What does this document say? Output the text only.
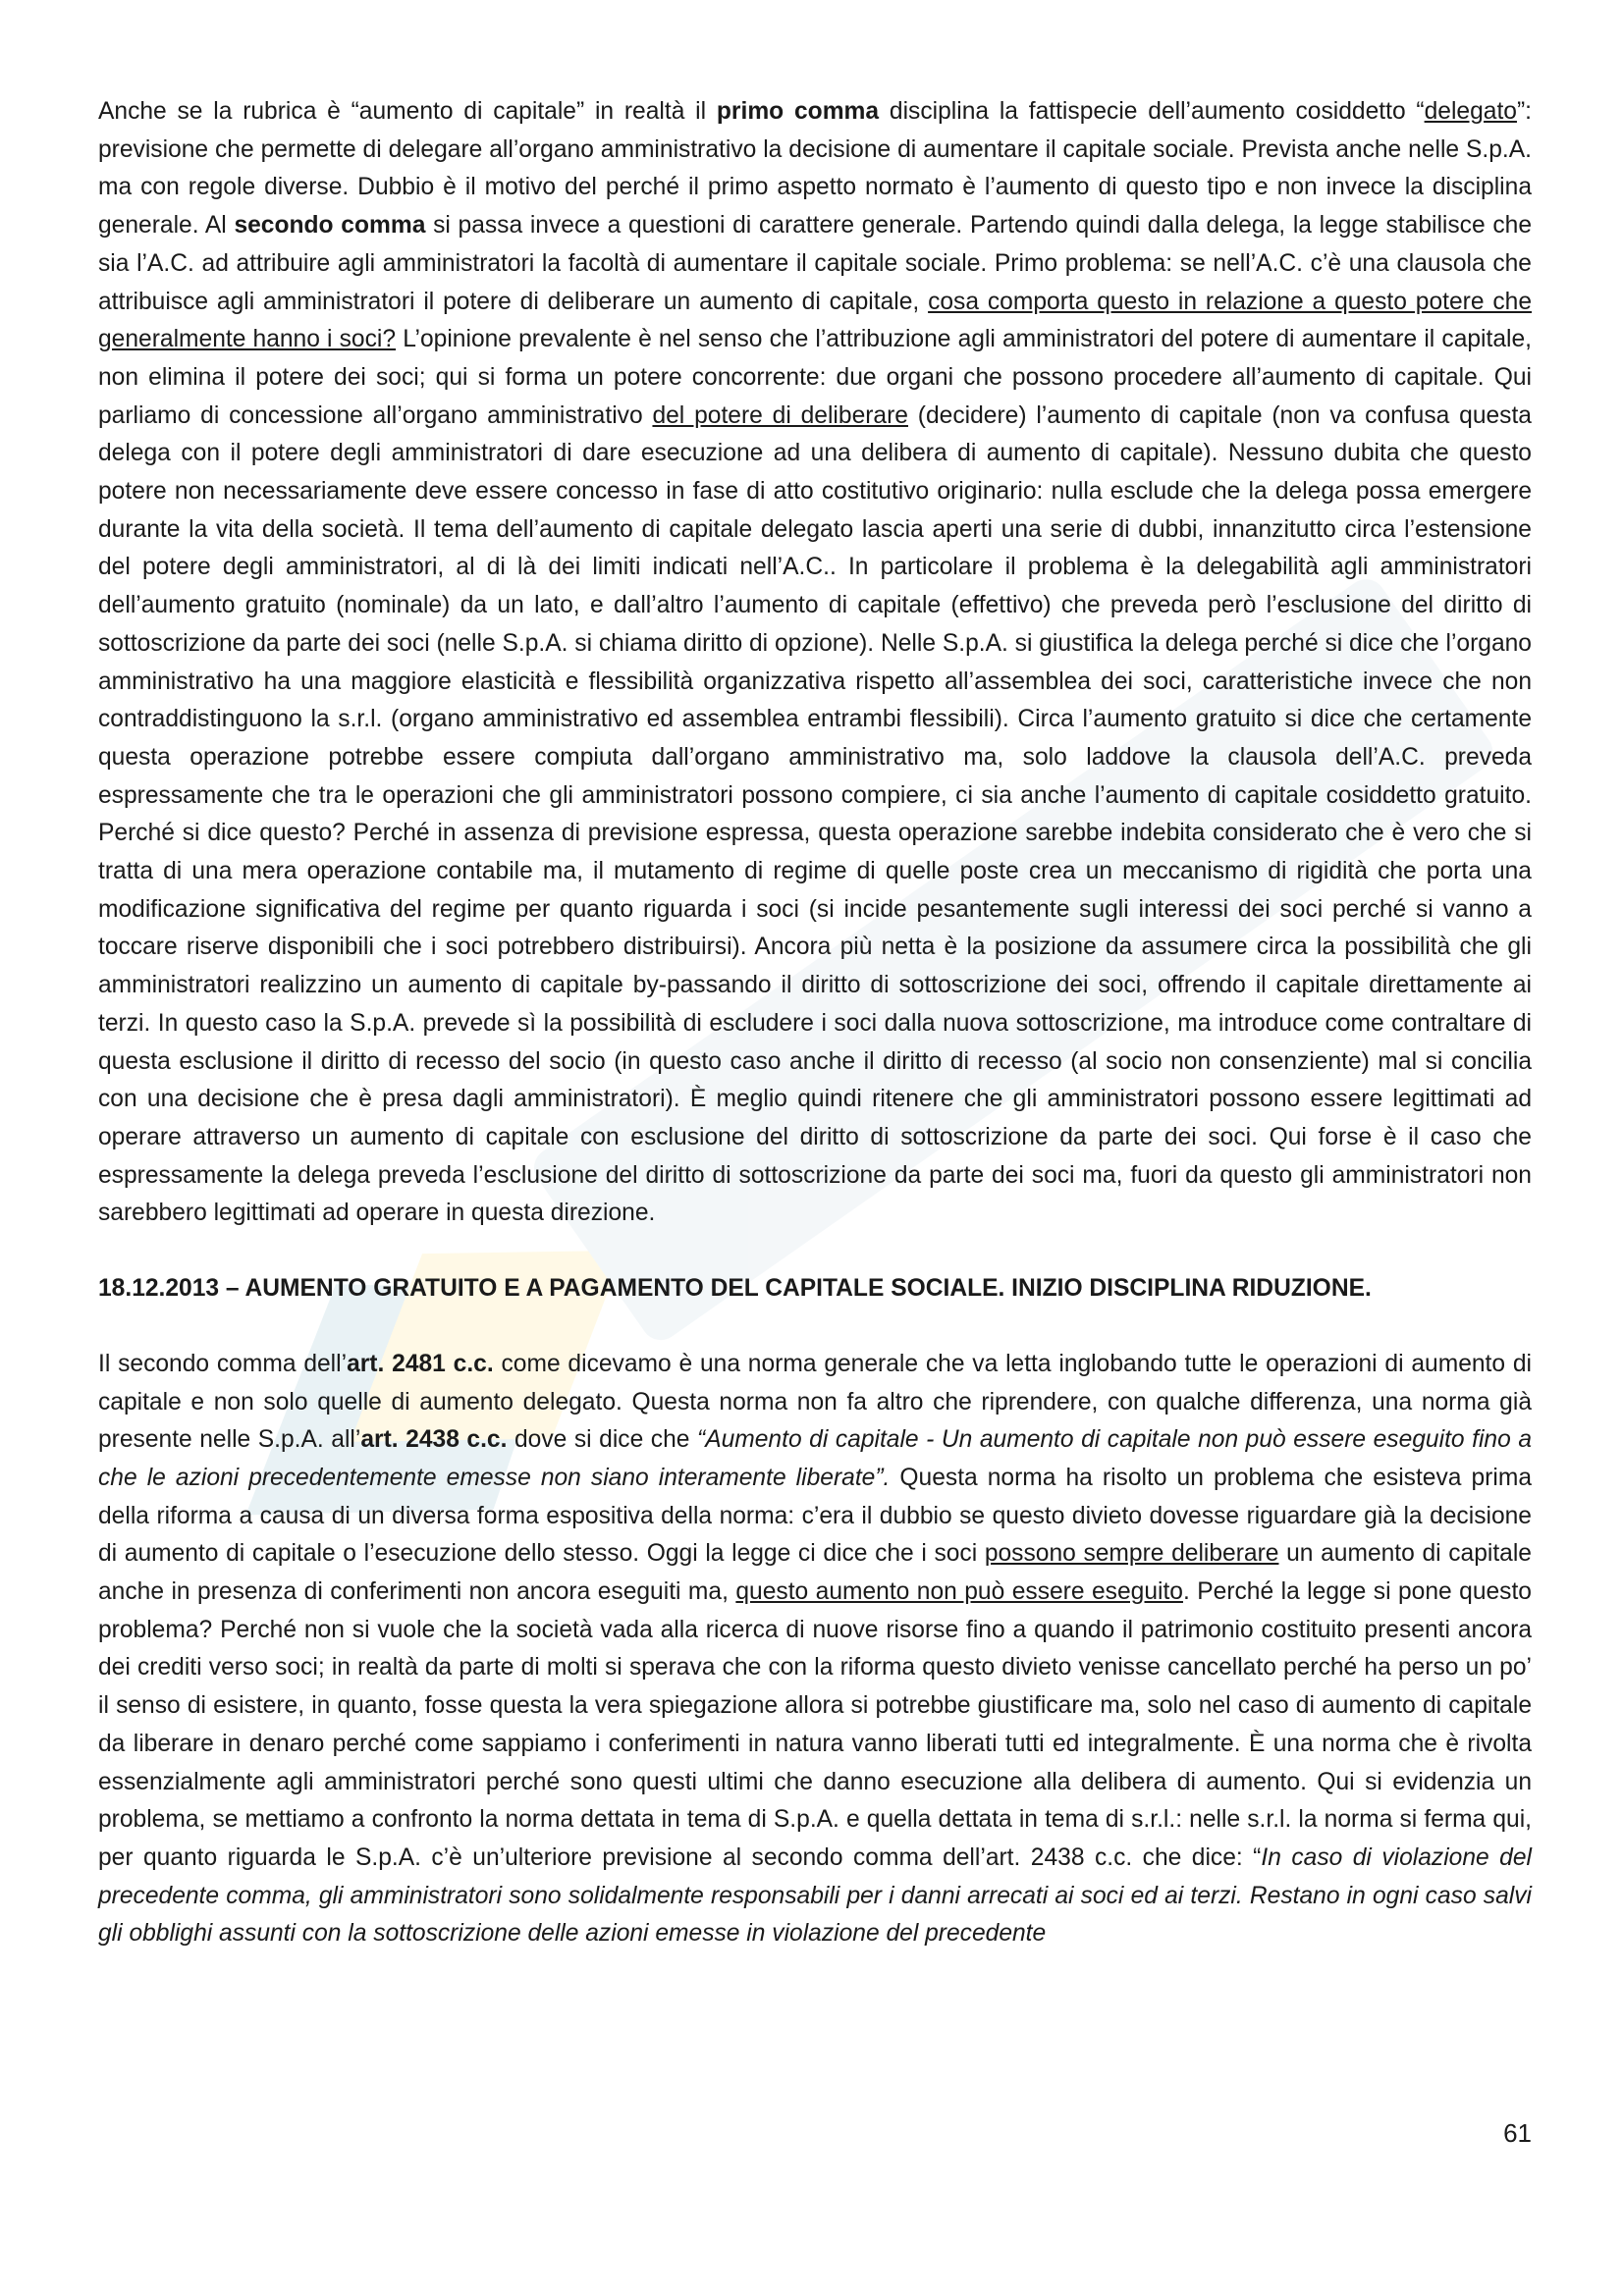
Anche se la rubrica è “aumento di capitale” in realtà il primo comma disciplina la fattispecie dell’aumento cosiddetto “delegato”: previsione che permette di delegare all’organo amministrativo la decisione di aumentare il capitale sociale. Prevista anche nelle S.p.A. ma con regole diverse. Dubbio è il motivo del perché il primo aspetto normato è l’aumento di questo tipo e non invece la disciplina generale. Al secondo comma si passa invece a questioni di carattere generale. Partendo quindi dalla delega, la legge stabilisce che sia l’A.C. ad attribuire agli amministratori la facoltà di aumentare il capitale sociale. Primo problema: se nell’A.C. c’è una clausola che attribuisce agli amministratori il potere di deliberare un aumento di capitale, cosa comporta questo in relazione a questo potere che generalmente hanno i soci? L’opinione prevalente è nel senso che l’attribuzione agli amministratori del potere di aumentare il capitale, non elimina il potere dei soci; qui si forma un potere concorrente: due organi che possono procedere all’aumento di capitale. Qui parliamo di concessione all’organo amministrativo del potere di deliberare (decidere) l’aumento di capitale (non va confusa questa delega con il potere degli amministratori di dare esecuzione ad una delibera di aumento di capitale). Nessuno dubita che questo potere non necessariamente deve essere concesso in fase di atto costitutivo originario: nulla esclude che la delega possa emergere durante la vita della società. Il tema dell’aumento di capitale delegato lascia aperti una serie di dubbi, innanzitutto circa l’estensione del potere degli amministratori, al di là dei limiti indicati nell’A.C.. In particolare il problema è la delegabilità agli amministratori dell’aumento gratuito (nominale) da un lato, e dall’altro l’aumento di capitale (effettivo) che preveda però l’esclusione del diritto di sottoscrizione da parte dei soci (nelle S.p.A. si chiama diritto di opzione). Nelle S.p.A. si giustifica la delega perché si dice che l’organo amministrativo ha una maggiore elasticità e flessibilità organizzativa rispetto all’assemblea dei soci, caratteristiche invece che non contraddistinguono la s.r.l. (organo amministrativo ed assemblea entrambi flessibili). Circa l’aumento gratuito si dice che certamente questa operazione potrebbe essere compiuta dall’organo amministrativo ma, solo laddove la clausola dell’A.C. preveda espressamente che tra le operazioni che gli amministratori possono compiere, ci sia anche l’aumento di capitale cosiddetto gratuito. Perché si dice questo? Perché in assenza di previsione espressa, questa operazione sarebbe indebita considerato che è vero che si tratta di una mera operazione contabile ma, il mutamento di regime di quelle poste crea un meccanismo di rigidità che porta una modificazione significativa del regime per quanto riguarda i soci (si incide pesantemente sugli interessi dei soci perché si vanno a toccare riserve disponibili che i soci potrebbero distribuirsi). Ancora più netta è la posizione da assumere circa la possibilità che gli amministratori realizzino un aumento di capitale by-passando il diritto di sottoscrizione dei soci, offrendo il capitale direttamente ai terzi. In questo caso la S.p.A. prevede sì la possibilità di escludere i soci dalla nuova sottoscrizione, ma introduce come contraltare di questa esclusione il diritto di recesso del socio (in questo caso anche il diritto di recesso (al socio non consenziente) mal si concilia con una decisione che è presa dagli amministratori). È meglio quindi ritenere che gli amministratori possono essere legittimati ad operare attraverso un aumento di capitale con esclusione del diritto di sottoscrizione da parte dei soci. Qui forse è il caso che espressamente la delega preveda l’esclusione del diritto di sottoscrizione da parte dei soci ma, fuori da questo gli amministratori non sarebbero legittimati ad operare in questa direzione.

18.12.2013 – AUMENTO GRATUITO E A PAGAMENTO DEL CAPITALE SOCIALE. INIZIO DISCIPLINA RIDUZIONE.

Il secondo comma dell’art. 2481 c.c. come dicevamo è una norma generale che va letta inglobando tutte le operazioni di aumento di capitale e non solo quelle di aumento delegato. Questa norma non fa altro che riprendere, con qualche differenza, una norma già presente nelle S.p.A. all’art. 2438 c.c. dove si dice che “Aumento di capitale - Un aumento di capitale non può essere eseguito fino a che le azioni precedentemente emesse non siano interamente liberate”. Questa norma ha risolto un problema che esisteva prima della riforma a causa di un diversa forma espositiva della norma: c’era il dubbio se questo divieto dovesse riguardare già la decisione di aumento di capitale o l’esecuzione dello stesso. Oggi la legge ci dice che i soci possono sempre deliberare un aumento di capitale anche in presenza di conferimenti non ancora eseguiti ma, questo aumento non può essere eseguito. Perché la legge si pone questo problema? Perché non si vuole che la società vada alla ricerca di nuove risorse fino a quando il patrimonio costituito presenti ancora dei crediti verso soci; in realtà da parte di molti si sperava che con la riforma questo divieto venisse cancellato perché ha perso un po’ il senso di esistere, in quanto, fosse questa la vera spiegazione allora si potrebbe giustificare ma, solo nel caso di aumento di capitale da liberare in denaro perché come sappiamo i conferimenti in natura vanno liberati tutti ed integralmente. È una norma che è rivolta essenzialmente agli amministratori perché sono questi ultimi che danno esecuzione alla delibera di aumento. Qui si evidenzia un problema, se mettiamo a confronto la norma dettata in tema di S.p.A. e quella dettata in tema di s.r.l.: nelle s.r.l. la norma si ferma qui, per quanto riguarda le S.p.A. c’è un’ulteriore previsione al secondo comma dell’art. 2438 c.c. che dice: “In caso di violazione del precedente comma, gli amministratori sono solidalmente responsabili per i danni arrecati ai soci ed ai terzi. Restano in ogni caso salvi gli obblighi assunti con la sottoscrizione delle azioni emesse in violazione del precedente

61
